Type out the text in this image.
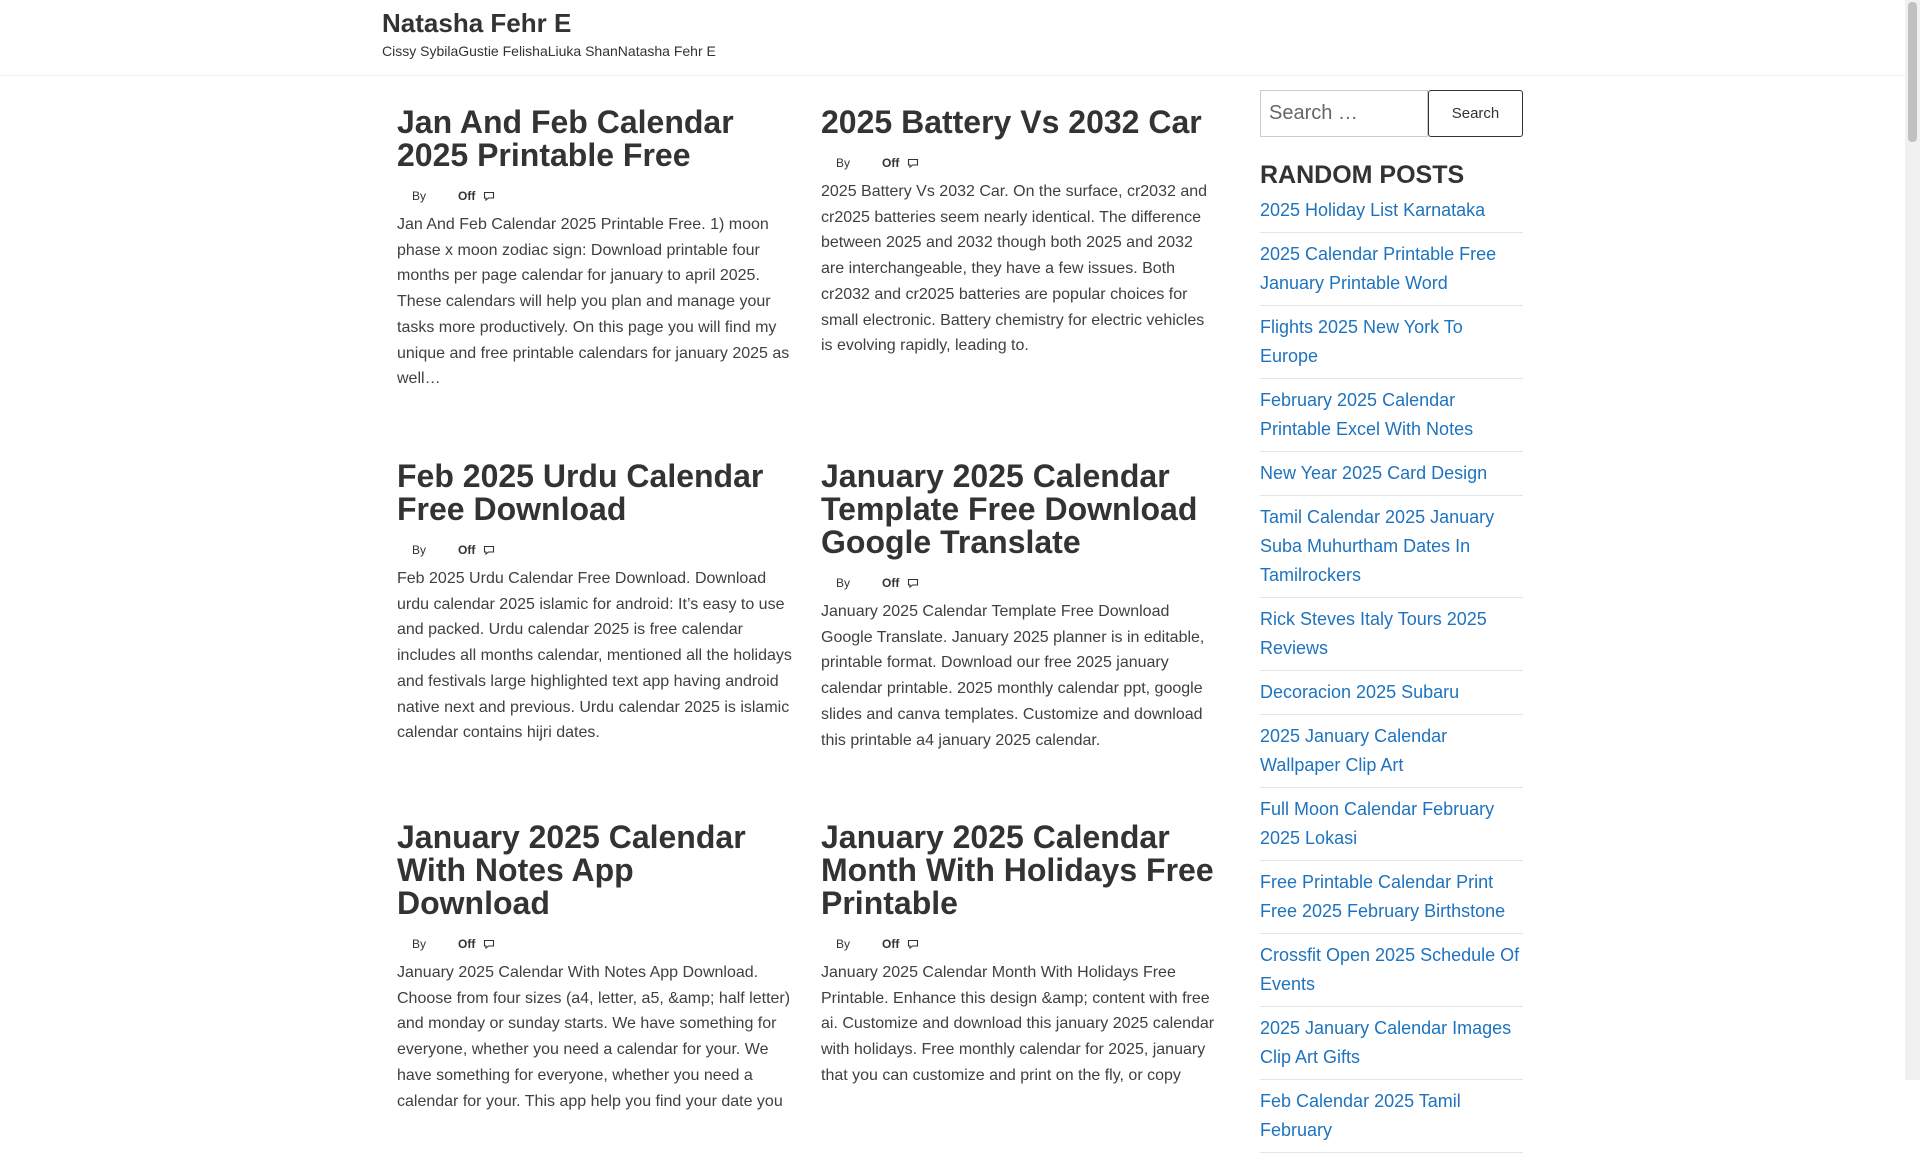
Natasha Fehr E
Cissy SybilaGustie FelishaLiuka ShanNatasha Fehr E
Jan And Feb Calendar 2025 Printable Free
By	Off

Jan And Feb Calendar 2025 Printable Free. 1) moon phase x moon zodiac sign: Download printable four months per page calendar for january to april 2025. These calendars will help you plan and manage your tasks more productively. On this page you will find my unique and free printable calendars for january 2025 as well…

2025 Battery Vs 2032 Car
By	Off

2025 Battery Vs 2032 Car. On the surface, cr2032 and cr2025 batteries seem nearly identical. The difference between 2025 and 2032 though both 2025 and 2032 are interchangeable, they have a few issues. Both cr2032 and cr2025 batteries are popular choices for small electronic. Battery chemistry for electric vehicles is evolving rapidly, leading to.

Feb 2025 Urdu Calendar Free Download
By	Off

Feb 2025 Urdu Calendar Free Download. Download urdu calendar 2025 islamic for android: It’s easy to use and packed. Urdu calendar 2025 is free calendar includes all months calendar, mentioned all the holidays and festivals large highlighted text app having android native next and previous. Urdu calendar 2025 is islamic calendar contains hijri dates.

January 2025 Calendar Template Free Download Google Translate
By	Off

January 2025 Calendar Template Free Download Google Translate. January 2025 planner is in editable, printable format. Download our free 2025 january calendar printable. 2025 monthly calendar ppt, google slides and canva templates. Customize and download this printable a4 january 2025 calendar.

January 2025 Calendar With Notes App Download
By	Off

January 2025 Calendar With Notes App Download. Choose from four sizes (a4, letter, a5, &amp; half letter) and monday or sunday starts. We have something for everyone, whether you need a calendar for your. We have something for everyone, whether you need a calendar for your. This app help you find your date you

January 2025 Calendar Month With Holidays Free Printable
By	Off

January 2025 Calendar Month With Holidays Free Printable. Enhance this design &amp; content with free ai. Customize and download this january 2025 calendar with holidays. Free monthly calendar for 2025, january that you can customize and print on the fly, or copy

Search …
Search
RANDOM POSTS
2025 Holiday List Karnataka
2025 Calendar Printable Free January Printable Word
Flights 2025 New York To Europe
February 2025 Calendar Printable Excel With Notes
New Year 2025 Card Design
Tamil Calendar 2025 January Suba Muhurtham Dates In Tamilrockers
Rick Steves Italy Tours 2025 Reviews
Decoracion 2025 Subaru
2025 January Calendar Wallpaper Clip Art
Full Moon Calendar February 2025 Lokasi
Free Printable Calendar Print Free 2025 February Birthstone
Crossfit Open 2025 Schedule Of Events
2025 January Calendar Images Clip Art Gifts
Feb Calendar 2025 Tamil February
